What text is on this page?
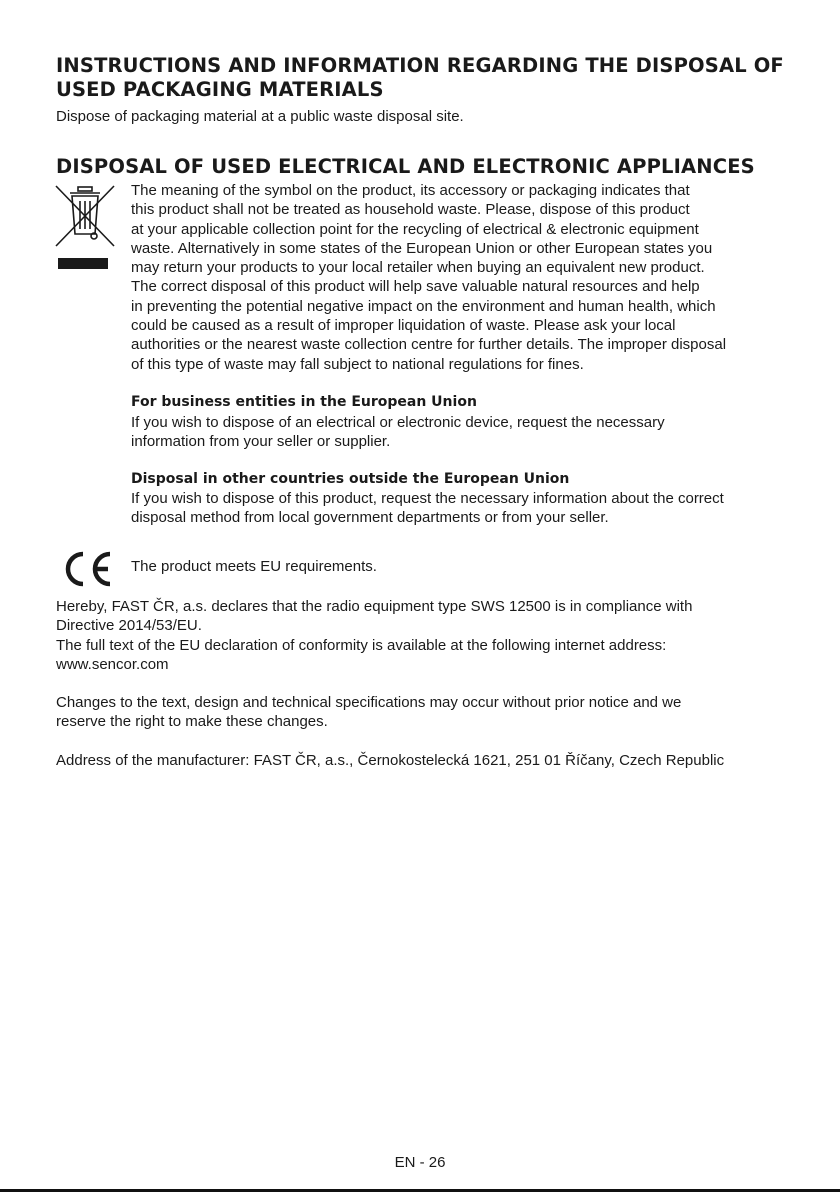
INSTRUCTIONS AND INFORMATION REGARDING THE DISPOSAL OF
USED PACKAGING MATERIALS

Dispose of packaging material at a public waste disposal site.

DISPOSAL OF USED ELECTRICAL AND ELECTRONIC APPLIANCES

The meaning of the symbol on the product, its accessory or packaging indicates that
this product shall not be treated as household waste. Please, dispose of this product
at your applicable collection point for the recycling of electrical & electronic equipment
waste. Alternatively in some states of the European Union or other European states you
may return your products to your local retailer when buying an equivalent new product.
The correct disposal of this product will help save valuable natural resources and help
in preventing the potential negative impact on the environment and human health, which
could be caused as a result of improper liquidation of waste. Please ask your local
authorities or the nearest waste collection centre for further details. The improper disposal
of this type of waste may fall subject to national regulations for fines.

For business entities in the European Union

If you wish to dispose of an electrical or electronic device, request the necessary
information from your seller or supplier.

Disposal in other countries outside the European Union

If you wish to dispose of this product, request the necessary information about the correct
disposal method from local government departments or from your seller.

The product meets EU requirements.

Hereby, FAST ČR, a.s. declares that the radio equipment type SWS 12500 is in compliance with
Directive 2014/53/EU.
The full text of the EU declaration of conformity is available at the following internet address:
www.sencor.com

Changes to the text, design and technical specifications may occur without prior notice and we
reserve the right to make these changes.

Address of the manufacturer: FAST ČR, a.s., Černokostelecká 1621, 251 01 Říčany, Czech Republic

EN - 26
